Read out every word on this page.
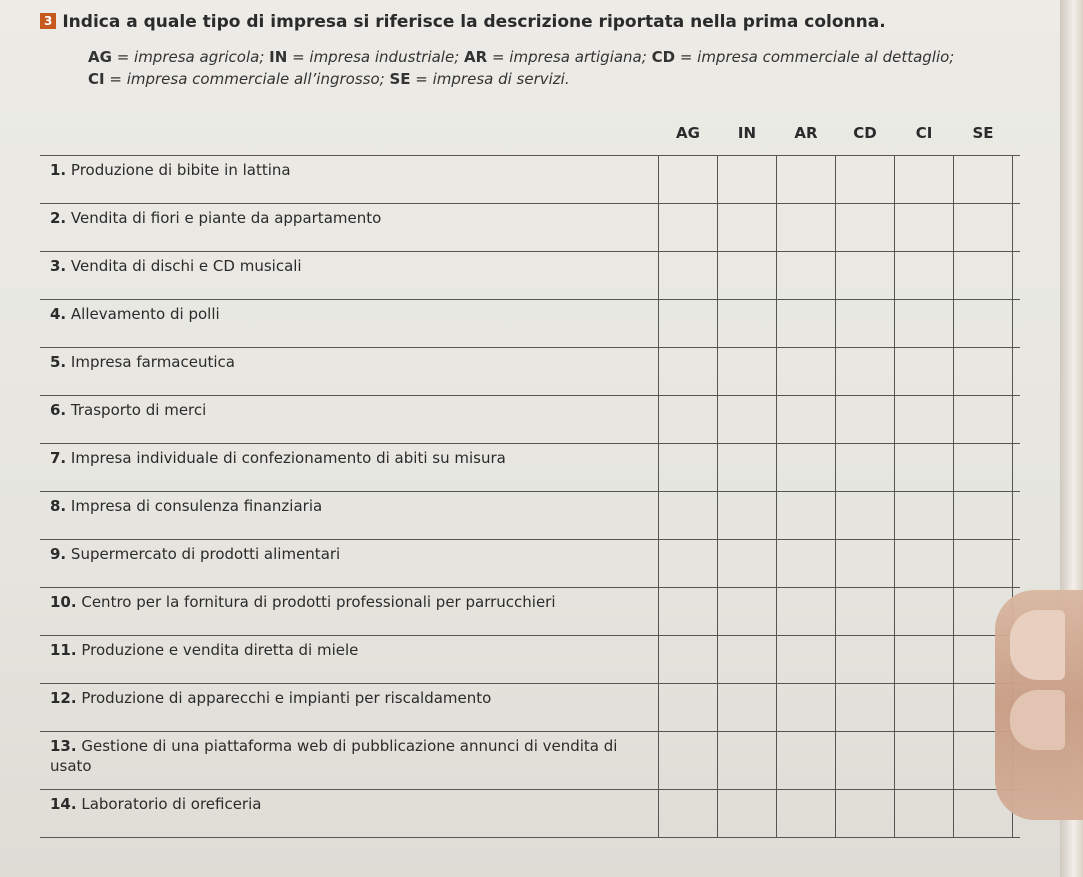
3 Indica a quale tipo di impresa si riferisce la descrizione riportata nella prima colonna.
AG = impresa agricola; IN = impresa industriale; AR = impresa artigiana; CD = impresa commerciale al dettaglio;
CI = impresa commerciale all’ingrosso; SE = impresa di servizi.
AG	IN	AR	CD	CI	SE
1. Produzione di bibite in lattina
2. Vendita di fiori e piante da appartamento
3. Vendita di dischi e CD musicali
4. Allevamento di polli
5. Impresa farmaceutica
6. Trasporto di merci
7. Impresa individuale di confezionamento di abiti su misura
8. Impresa di consulenza finanziaria
9. Supermercato di prodotti alimentari
10. Centro per la fornitura di prodotti professionali per parrucchieri
11. Produzione e vendita diretta di miele
12. Produzione di apparecchi e impianti per riscaldamento
13. Gestione di una piattaforma web di pubblicazione annunci di vendita di usato
14. Laboratorio di oreficeria
